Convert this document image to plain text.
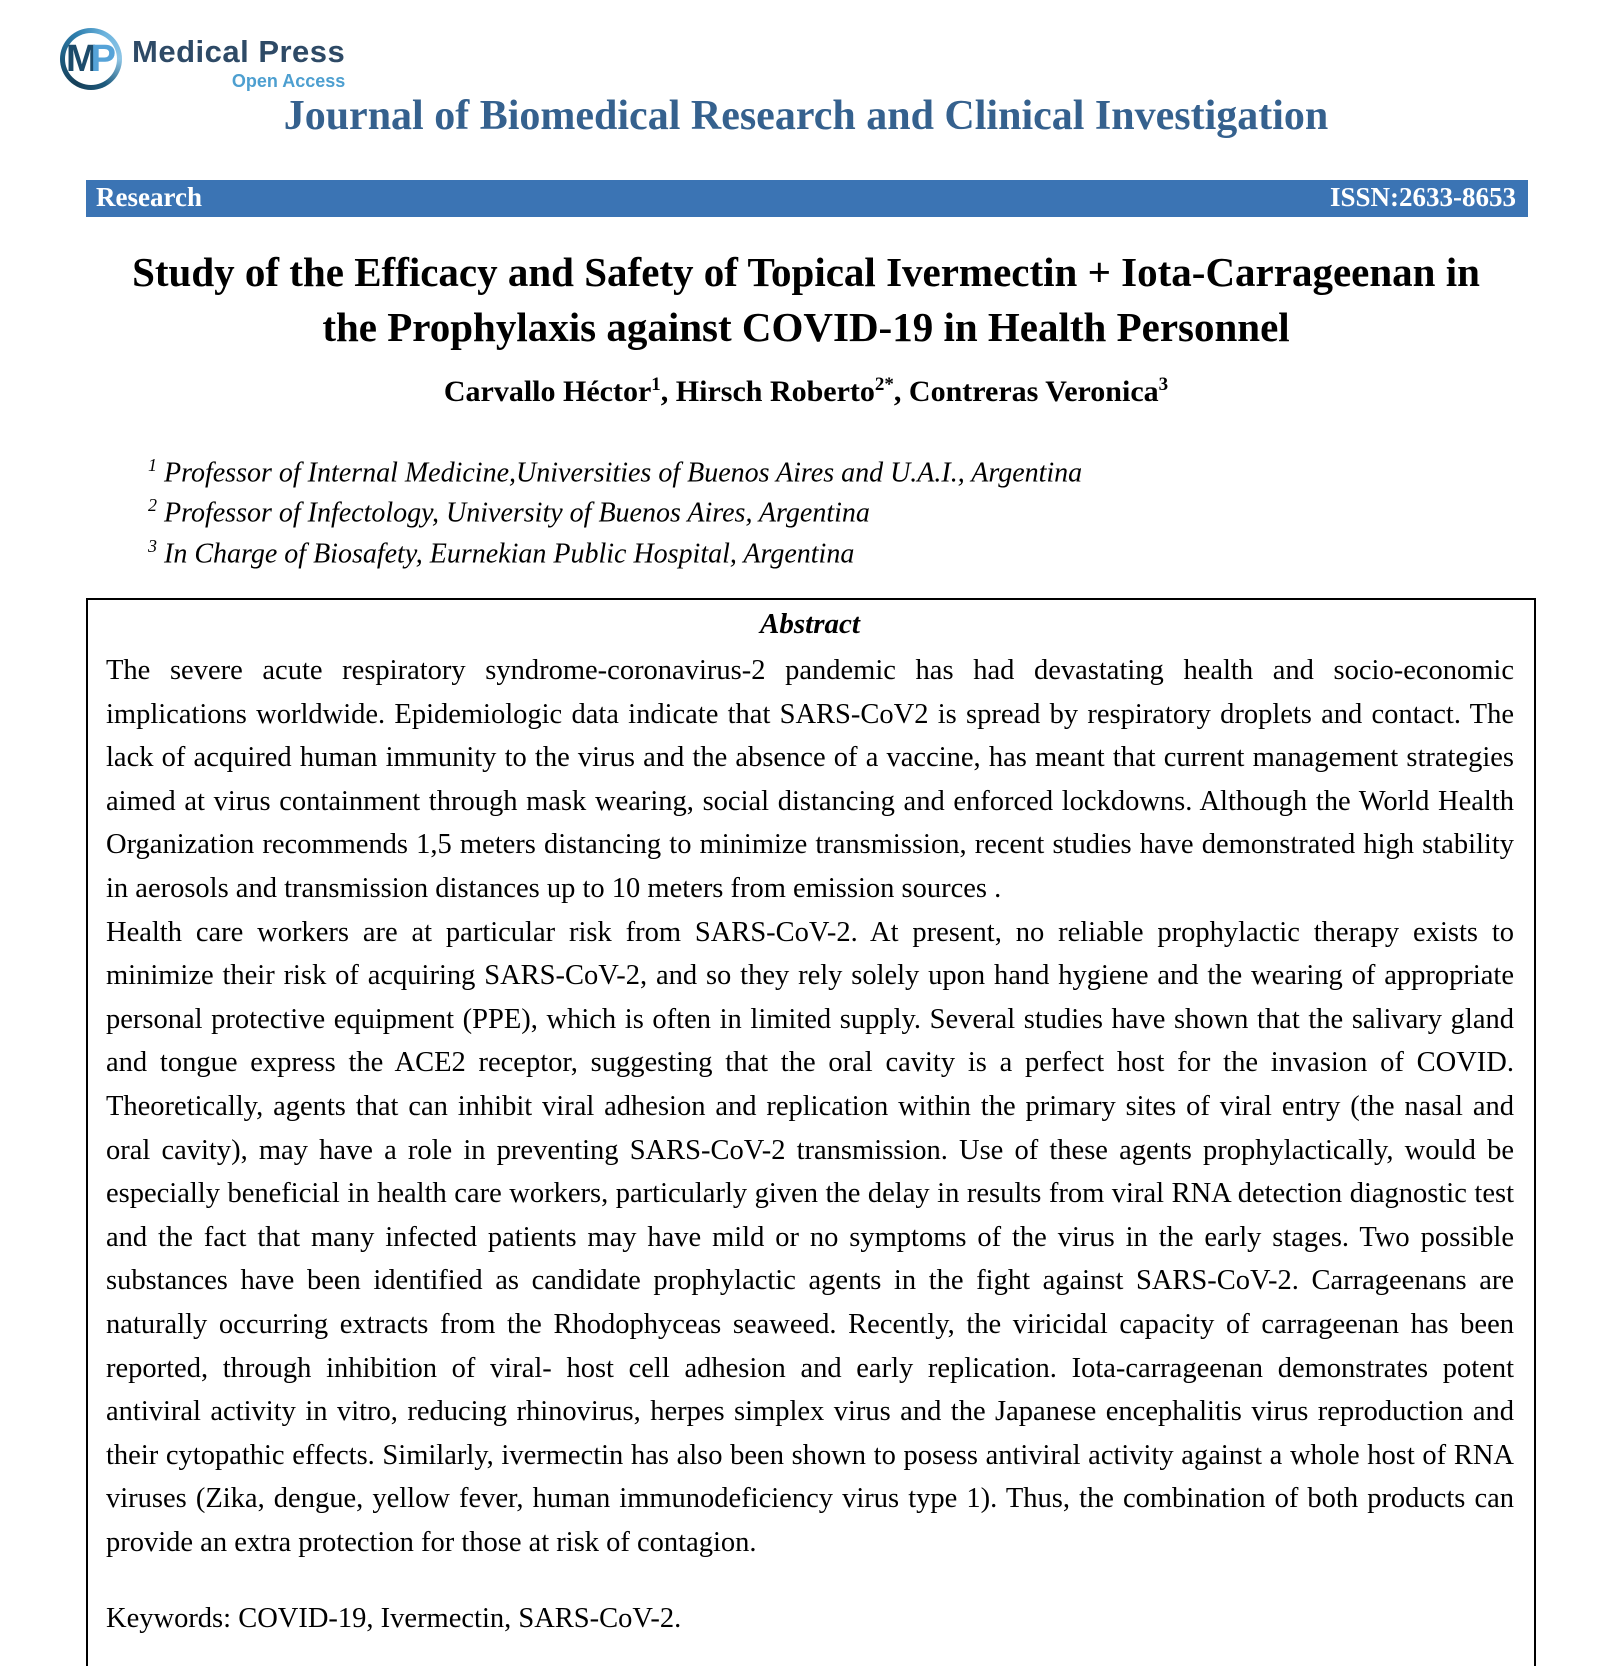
M
P Medical Press
Open Access
Journal of Biomedical Research and Clinical Investigation
Research	ISSN:2633-8653
Study of the Efficacy and Safety of Topical Ivermectin + Iota-Carrageenan in the Prophylaxis against COVID-19 in Health Personnel
Carvallo Héctor$^1$, Hirsch Roberto$^{2*}$, Contreras Veronica$^3$
$^1$ Professor of Internal Medicine,Universities of Buenos Aires and U.A.I., Argentina
$^2$ Professor of Infectology, University of Buenos Aires, Argentina
$^3$ In Charge of Biosafety, Eurnekian Public Hospital, Argentina
Abstract

The severe acute respiratory syndrome-coronavirus-2 pandemic has had devastating health and socio-economic implications worldwide. Epidemiologic data indicate that SARS-CoV2 is spread by respiratory droplets and contact. The lack of acquired human immunity to the virus and the absence of a vaccine, has meant that current management strategies aimed at virus containment through mask wearing, social distancing and enforced lockdowns. Although the World Health Organization recommends 1,5 meters distancing to minimize transmission, recent studies have demonstrated high stability in aerosols and transmission distances up to 10 meters from emission sources .

Health care workers are at particular risk from SARS-CoV-2. At present, no reliable prophylactic therapy exists to minimize their risk of acquiring SARS-CoV-2, and so they rely solely upon hand hygiene and the wearing of appropriate personal protective equipment (PPE), which is often in limited supply. Several studies have shown that the salivary gland and tongue express the ACE2 receptor, suggesting that the oral cavity is a perfect host for the invasion of COVID. Theoretically, agents that can inhibit viral adhesion and replication within the primary sites of viral entry (the nasal and oral cavity), may have a role in preventing SARS-CoV-2 transmission. Use of these agents prophylactically, would be especially beneficial in health care workers, particularly given the delay in results from viral RNA detection diagnostic test and the fact that many infected patients may have mild or no symptoms of the virus in the early stages. Two possible substances have been identified as candidate prophylactic agents in the fight against SARS-CoV-2. Carrageenans are naturally occurring extracts from the Rhodophyceas seaweed. Recently, the viricidal capacity of carrageenan has been reported, through inhibition of viral- host cell adhesion and early replication. Iota-carrageenan demonstrates potent antiviral activity in vitro, reducing rhinovirus, herpes simplex virus and the Japanese encephalitis virus reproduction and their cytopathic effects. Similarly, ivermectin has also been shown to posess antiviral activity against a whole host of RNA viruses (Zika, dengue, yellow fever, human immunodeficiency virus type 1). Thus, the combination of both products can provide an extra protection for those at risk of contagion.

Keywords: COVID-19, Ivermectin, SARS-CoV-2.
